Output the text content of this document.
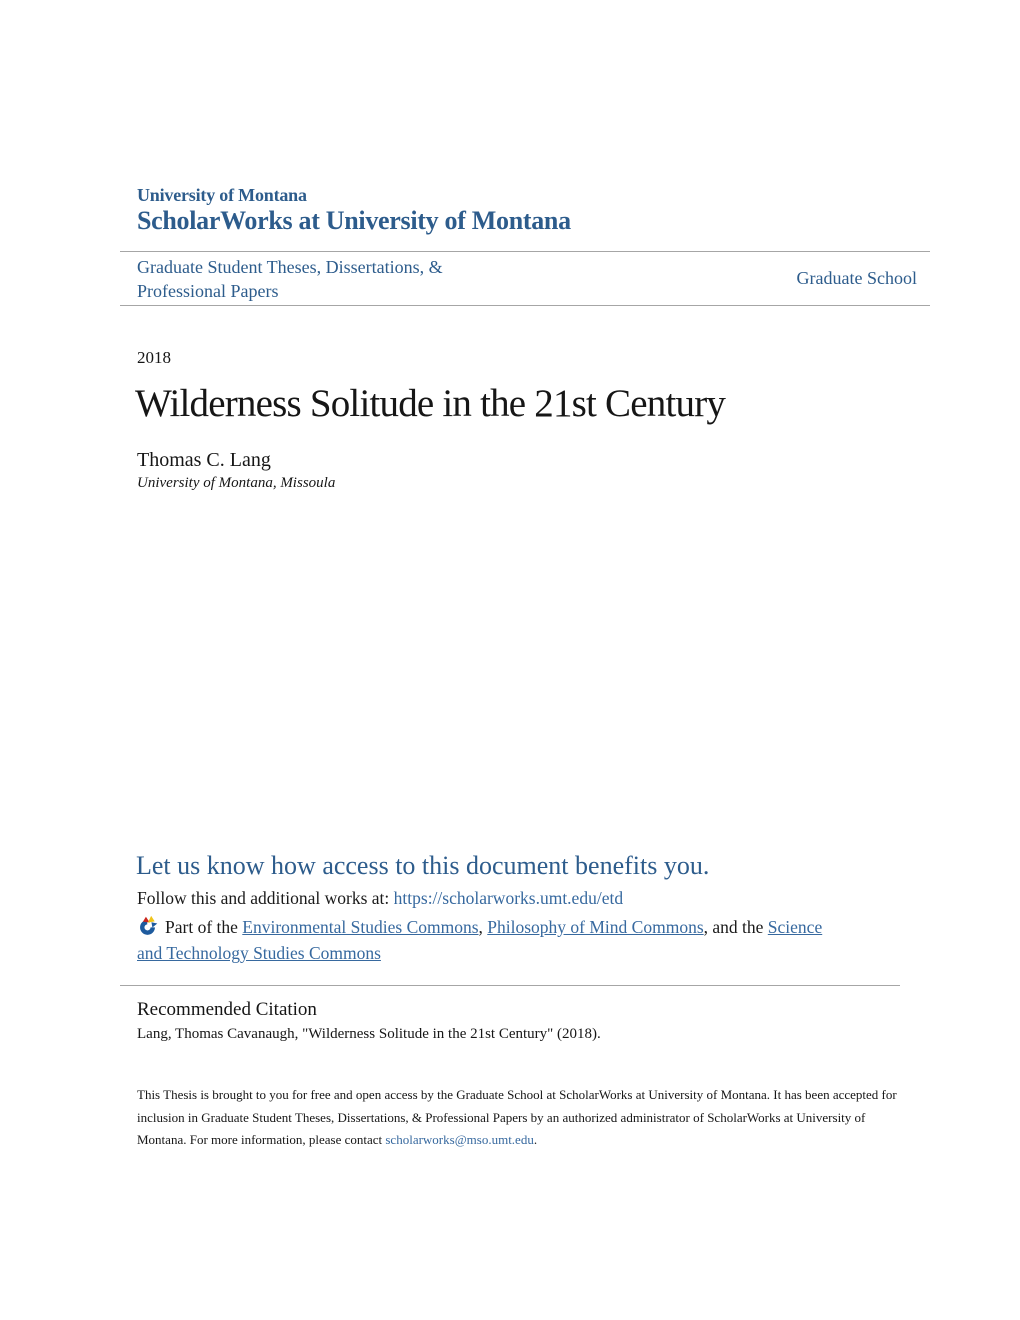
University of Montana
ScholarWorks at University of Montana
Graduate Student Theses, Dissertations, & Professional Papers
Graduate School
2018
Wilderness Solitude in the 21st Century
Thomas C. Lang
University of Montana, Missoula
Let us know how access to this document benefits you.
Follow this and additional works at: https://scholarworks.umt.edu/etd
Part of the Environmental Studies Commons, Philosophy of Mind Commons, and the Science
and Technology Studies Commons
Recommended Citation
Lang, Thomas Cavanaugh, "Wilderness Solitude in the 21st Century" (2018).
This Thesis is brought to you for free and open access by the Graduate School at ScholarWorks at University of Montana. It has been accepted for inclusion in Graduate Student Theses, Dissertations, & Professional Papers by an authorized administrator of ScholarWorks at University of Montana. For more information, please contact scholarworks@mso.umt.edu.
